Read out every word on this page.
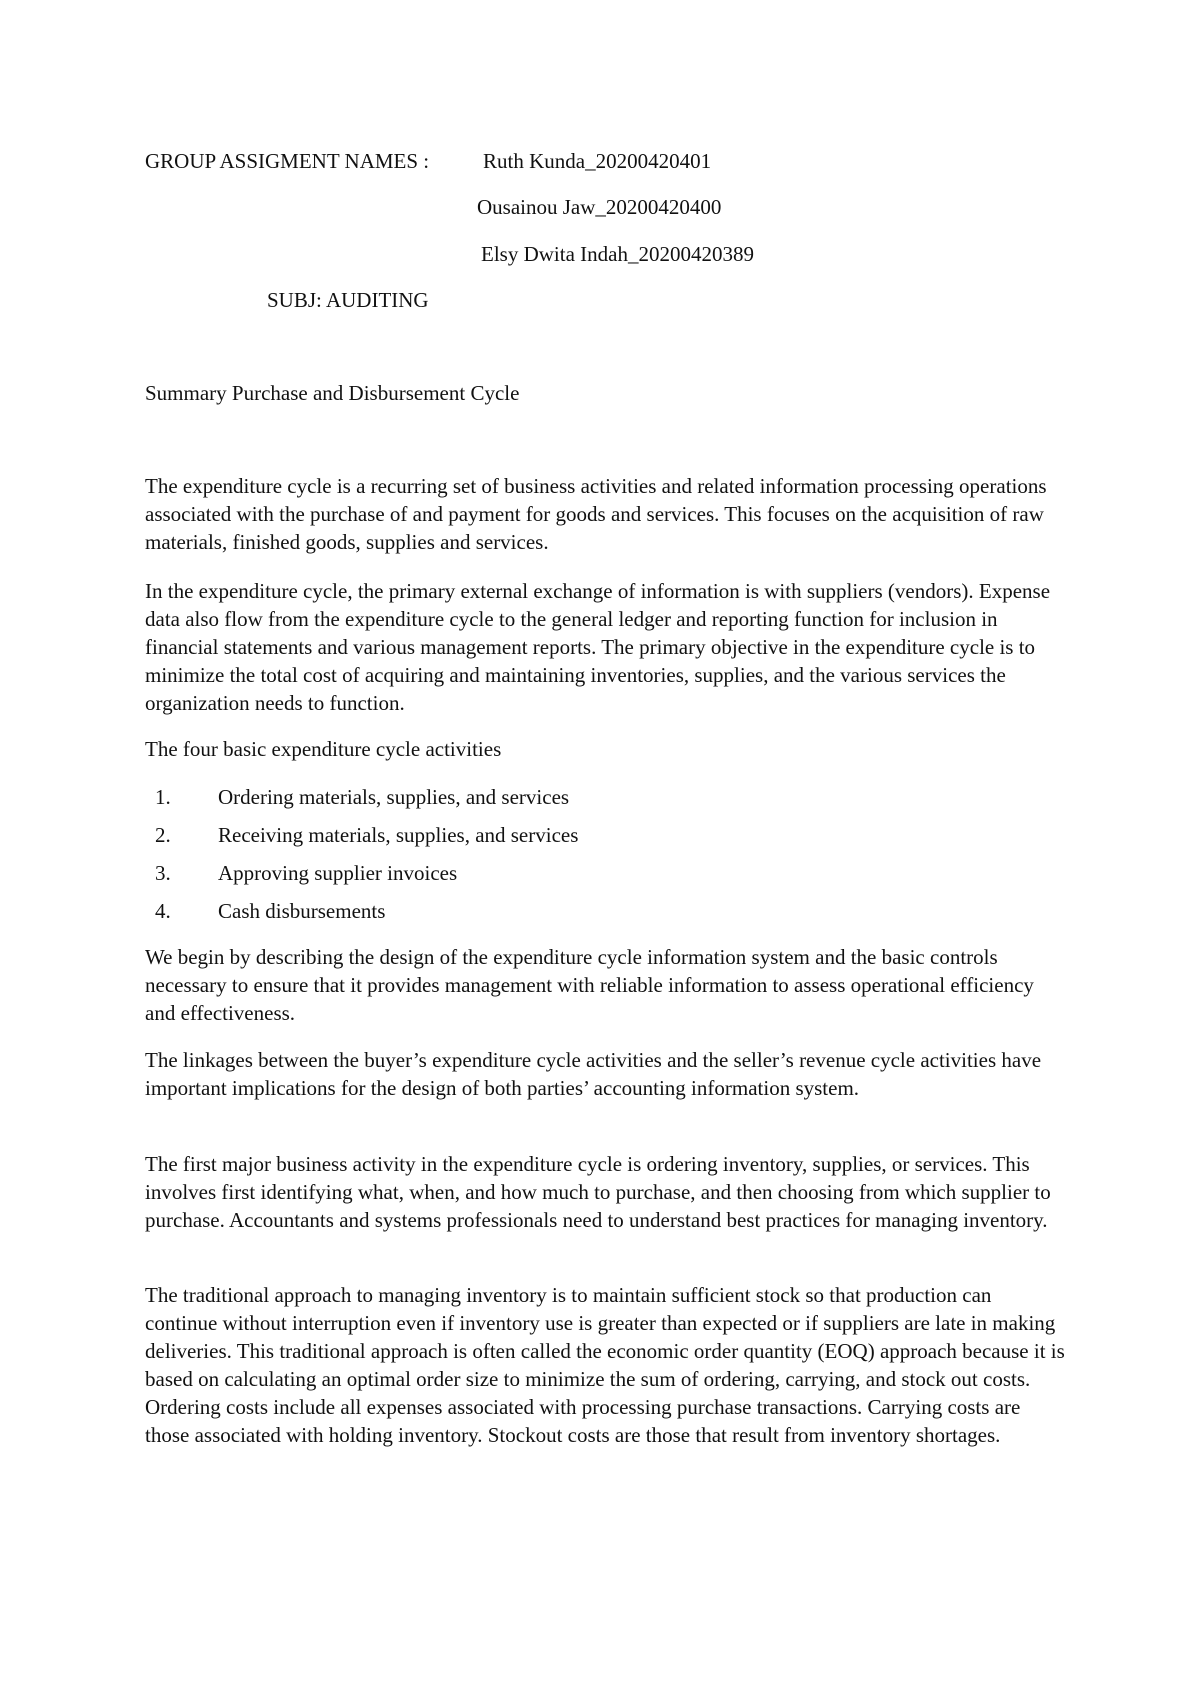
GROUP ASSIGMENT NAMES :	Ruth Kunda_20200420401
Ousainou Jaw_20200420400
Elsy Dwita Indah_20200420389
SUBJ: AUDITING
Summary Purchase and Disbursement Cycle

The expenditure cycle is a recurring set of business activities and related information processing operations associated with the purchase of and payment for goods and services. This focuses on the acquisition of raw materials, finished goods, supplies and services.

In the expenditure cycle, the primary external exchange of information is with suppliers (vendors). Expense data also flow from the expenditure cycle to the general ledger and reporting function for inclusion in financial statements and various management reports. The primary objective in the expenditure cycle is to minimize the total cost of acquiring and maintaining inventories, supplies, and the various services the organization needs to function.

The four basic expenditure cycle activities

1. Ordering materials, supplies, and services
2. Receiving materials, supplies, and services
3. Approving supplier invoices
4. Cash disbursements

We begin by describing the design of the expenditure cycle information system and the basic controls necessary to ensure that it provides management with reliable information to assess operational efficiency and effectiveness.

The linkages between the buyer’s expenditure cycle activities and the seller’s revenue cycle activities have important implications for the design of both parties’ accounting information system.

The first major business activity in the expenditure cycle is ordering inventory, supplies, or services. This involves first identifying what, when, and how much to purchase, and then choosing from which supplier to purchase. Accountants and systems professionals need to understand best practices for managing inventory.

The traditional approach to managing inventory is to maintain sufficient stock so that production can continue without interruption even if inventory use is greater than expected or if suppliers are late in making deliveries. This traditional approach is often called the economic order quantity (EOQ) approach because it is based on calculating an optimal order size to minimize the sum of ordering, carrying, and stock out costs. Ordering costs include all expenses associated with processing purchase transactions. Carrying costs are those associated with holding inventory. Stockout costs are those that result from inventory shortages.
